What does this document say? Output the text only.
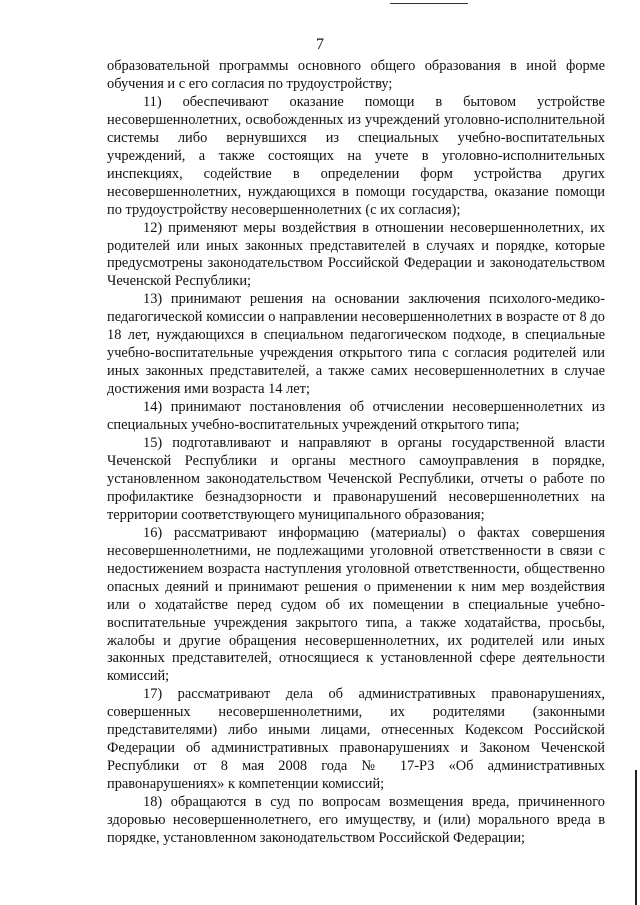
7

образовательной программы основного общего образования в иной форме обучения и с его согласия по трудоустройству;

11) обеспечивают оказание помощи в бытовом устройстве несовершеннолетних, освобожденных из учреждений уголовно-исполнительной системы либо вернувшихся из специальных учебно-воспитательных учреждений, а также состоящих на учете в уголовно-исполнительных инспекциях, содействие в определении форм устройства других несовершеннолетних, нуждающихся в помощи государства, оказание помощи по трудоустройству несовершеннолетних (с их согласия);

12) применяют меры воздействия в отношении несовершеннолетних, их родителей или иных законных представителей в случаях и порядке, которые предусмотрены законодательством Российской Федерации и законодательством Чеченской Республики;

13) принимают решения на основании заключения психолого-медико-педагогической комиссии о направлении несовершеннолетних в возрасте от 8 до 18 лет, нуждающихся в специальном педагогическом подходе, в специальные учебно-воспитательные учреждения открытого типа с согласия родителей или иных законных представителей, а также самих несовершеннолетних в случае достижения ими возраста 14 лет;

14) принимают постановления об отчислении несовершеннолетних из специальных учебно-воспитательных учреждений открытого типа;

15) подготавливают и направляют в органы государственной власти Чеченской Республики и органы местного самоуправления в порядке, установленном законодательством Чеченской Республики, отчеты о работе по профилактике безнадзорности и правонарушений несовершеннолетних на территории соответствующего муниципального образования;

16) рассматривают информацию (материалы) о фактах совершения несовершеннолетними, не подлежащими уголовной ответственности в связи с недостижением возраста наступления уголовной ответственности, общественно опасных деяний и принимают решения о применении к ним мер воздействия или о ходатайстве перед судом об их помещении в специальные учебно-воспитательные учреждения закрытого типа, а также ходатайства, просьбы, жалобы и другие обращения несовершеннолетних, их родителей или иных законных представителей, относящиеся к установленной сфере деятельности комиссий;

17) рассматривают дела об административных правонарушениях, совершенных несовершеннолетними, их родителями (законными представителями) либо иными лицами, отнесенных Кодексом Российской Федерации об административных правонарушениях и Законом Чеченской Республики от 8 мая 2008 года № 17-РЗ «Об административных правонарушениях» к компетенции комиссий;

18) обращаются в суд по вопросам возмещения вреда, причиненного здоровью несовершеннолетнего, его имуществу, и (или) морального вреда в порядке, установленном законодательством Российской Федерации;
